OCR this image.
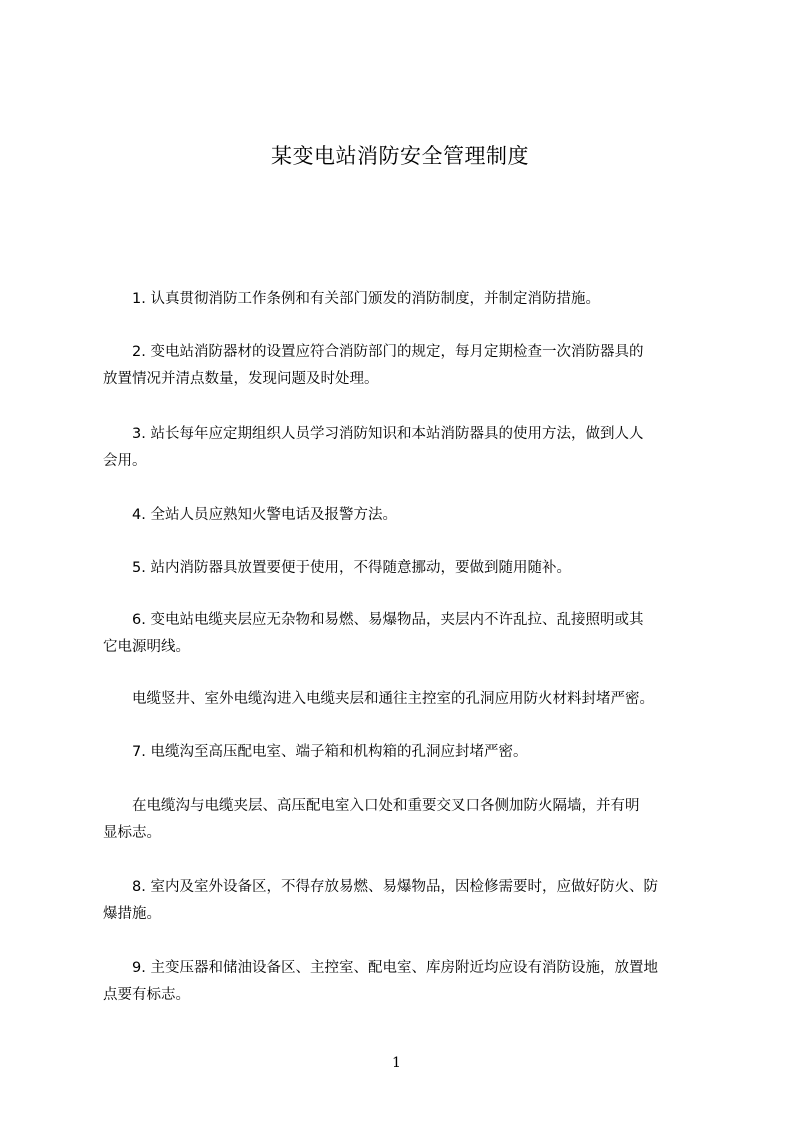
某变电站消防安全管理制度

　　1. 认真贯彻消防工作条例和有关部门颁发的消防制度，并制定消防措施。

　　2. 变电站消防器材的设置应符合消防部门的规定，每月定期检查一次消防器具的
放置情况并清点数量，发现问题及时处理。

　　3. 站长每年应定期组织人员学习消防知识和本站消防器具的使用方法，做到人人
会用。

　　4. 全站人员应熟知火警电话及报警方法。

　　5. 站内消防器具放置要便于使用，不得随意挪动，要做到随用随补。

　　6. 变电站电缆夹层应无杂物和易燃、易爆物品，夹层内不许乱拉、乱接照明或其
它电源明线。

　　电缆竖井、室外电缆沟进入电缆夹层和通往主控室的孔洞应用防火材料封堵严密。

　　7. 电缆沟至高压配电室、端子箱和机构箱的孔洞应封堵严密。

　　在电缆沟与电缆夹层、高压配电室入口处和重要交叉口各侧加防火隔墙，并有明
显标志。

　　8. 室内及室外设备区，不得存放易燃、易爆物品，因检修需要时，应做好防火、防
爆措施。

　　9. 主变压器和储油设备区、主控室、配电室、库房附近均应设有消防设施，放置地
点要有标志。

1
